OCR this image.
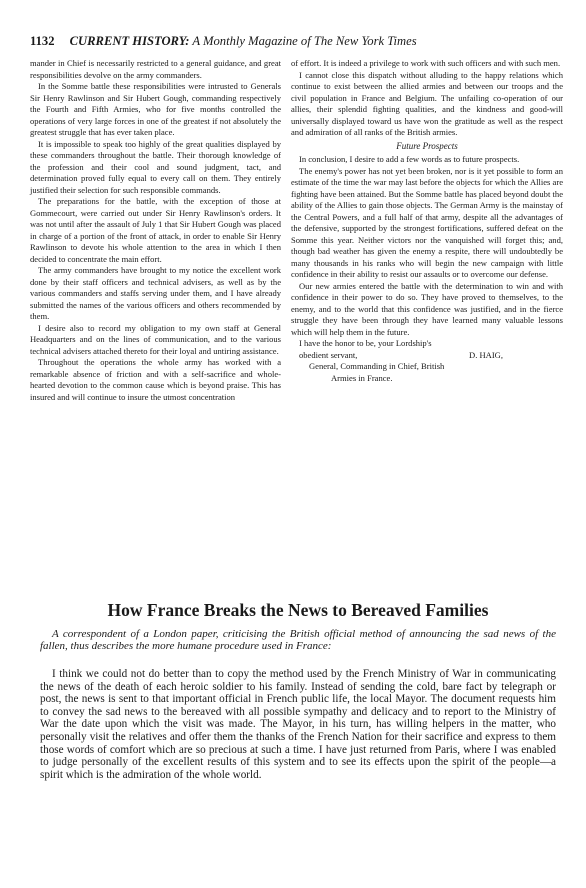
1132 CURRENT HISTORY: A Monthly Magazine of The New York Times

mander in Chief is necessarily restricted to a general guidance, and great responsibilities devolve on the army commanders.

In the Somme battle these responsibilities were intrusted to Generals Sir Henry Rawlinson and Sir Hubert Gough, commanding respectively the Fourth and Fifth Armies, who for five months controlled the operations of very large forces in one of the greatest if not absolutely the greatest struggle that has ever taken place.

It is impossible to speak too highly of the great qualities displayed by these commanders throughout the battle. Their thorough knowledge of the profession and their cool and sound judgment, tact, and determination proved fully equal to every call on them. They entirely justified their selection for such responsible commands.

The preparations for the battle, with the exception of those at Gommecourt, were carried out under Sir Henry Rawlinson's orders. It was not until after the assault of July 1 that Sir Hubert Gough was placed in charge of a portion of the front of attack, in order to enable Sir Henry Rawlinson to devote his whole attention to the area in which I then decided to concentrate the main effort.

The army commanders have brought to my notice the excellent work done by their staff officers and technical advisers, as well as by the various commanders and staffs serving under them, and I have already submitted the names of the various officers and others recommended by them.

I desire also to record my obligation to my own staff at General Headquarters and on the lines of communication, and to the various technical advisers attached thereto for their loyal and untiring assistance.

Throughout the operations the whole army has worked with a remarkable absence of friction and with a self-sacrifice and whole-hearted devotion to the common cause which is beyond praise. This has insured and will continue to insure the utmost concentration

of effort. It is indeed a privilege to work with such officers and with such men.

I cannot close this dispatch without alluding to the happy relations which continue to exist between the allied armies and between our troops and the civil population in France and Belgium. The unfailing co-operation of our allies, their splendid fighting qualities, and the kindness and good-will universally displayed toward us have won the gratitude as well as the respect and admiration of all ranks of the British armies.

Future Prospects

In conclusion, I desire to add a few words as to future prospects.

The enemy's power has not yet been broken, nor is it yet possible to form an estimate of the time the war may last before the objects for which the Allies are fighting have been attained. But the Somme battle has placed beyond doubt the ability of the Allies to gain those objects. The German Army is the mainstay of the Central Powers, and a full half of that army, despite all the advantages of the defensive, supported by the strongest fortifications, suffered defeat on the Somme this year. Neither victors nor the vanquished will forget this; and, though bad weather has given the enemy a respite, there will undoubtedly be many thousands in his ranks who will begin the new campaign with little confidence in their ability to resist our assaults or to overcome our defense.

Our new armies entered the battle with the determination to win and with confidence in their power to do so. They have proved to themselves, to the enemy, and to the world that this confidence was justified, and in the fierce struggle they have been through they have learned many valuable lessons which will help them in the future.

I have the honor to be, your Lordship's

obedient servant,	D. HAIG,
General, Commanding in Chief, British
Armies in France.
How France Breaks the News to Bereaved Families

A correspondent of a London paper, criticising the British official method of announcing the sad news of the fallen, thus describes the more humane procedure used in France:

I think we could not do better than to copy the method used by the French Ministry of War in communicating the news of the death of each heroic soldier to his family. Instead of sending the cold, bare fact by telegraph or post, the news is sent to that important official in French public life, the local Mayor. The document requests him to convey the sad news to the bereaved with all possible sympathy and delicacy and to report to the Ministry of War the date upon which the visit was made. The Mayor, in his turn, has willing helpers in the matter, who personally visit the relatives and offer them the thanks of the French Nation for their sacrifice and express to them those words of comfort which are so precious at such a time. I have just returned from Paris, where I was enabled to judge personally of the excellent results of this system and to see its effects upon the spirit of the people—a spirit which is the admiration of the whole world.
